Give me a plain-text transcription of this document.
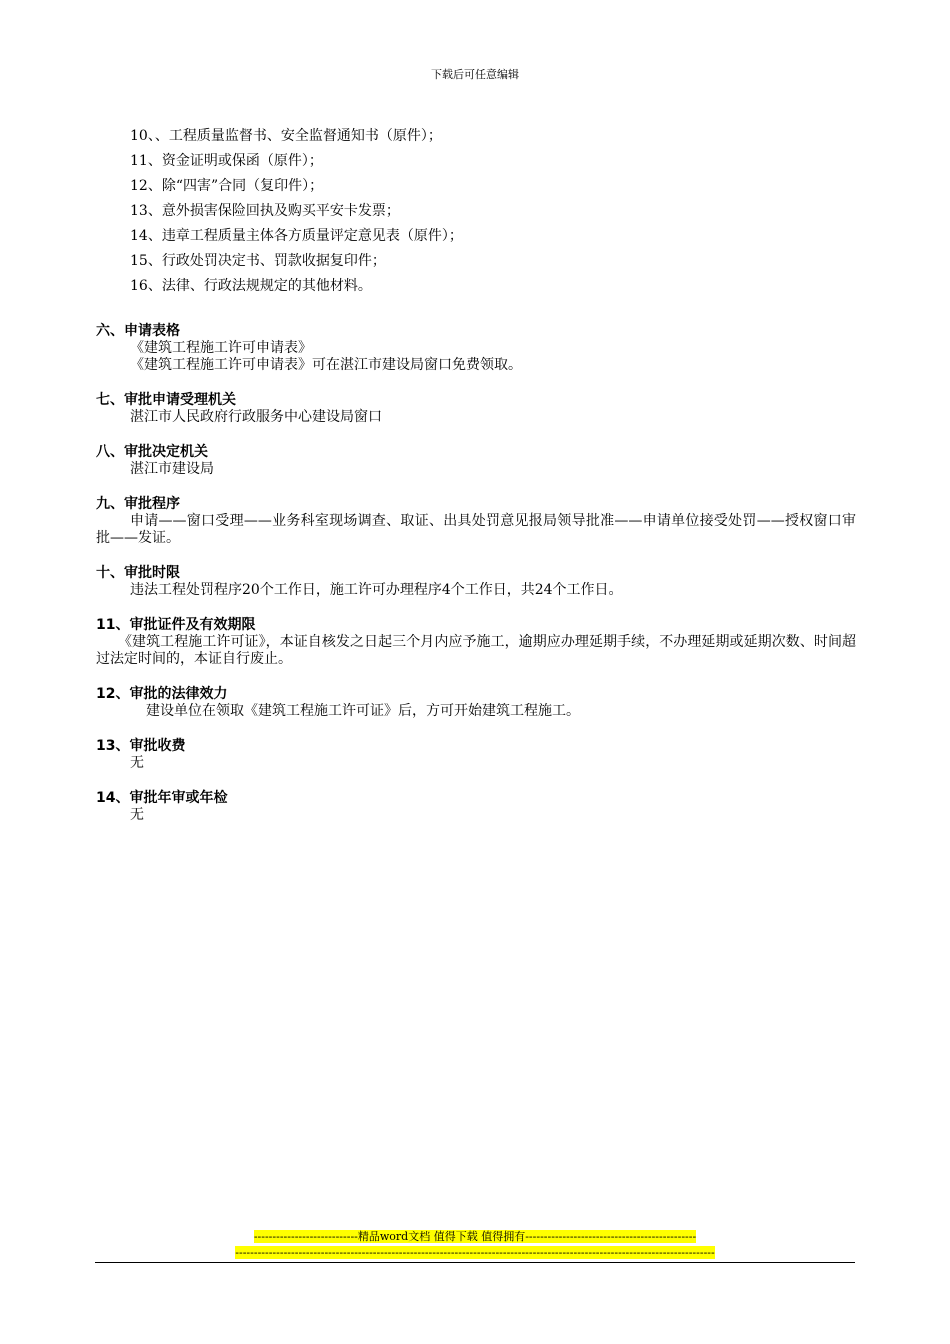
下载后可任意编辑
10、、工程质量监督书、安全监督通知书（原件）；
11、资金证明或保函（原件）；
12、除“四害”合同（复印件）；
13、意外损害保险回执及购买平安卡发票；
14、违章工程质量主体各方质量评定意见表（原件）；
15、行政处罚决定书、罚款收据复印件；
16、法律、行政法规规定的其他材料。
六、申请表格
《建筑工程施工许可申请表》
《建筑工程施工许可申请表》可在湛江市建设局窗口免费领取。
七、审批申请受理机关
湛江市人民政府行政服务中心建设局窗口
八、审批决定机关
湛江市建设局
九、审批程序
申请——窗口受理——业务科室现场调查、取证、出具处罚意见报局领导批准——申请单位接受处罚——授权窗口审批——发证。
十、审批时限
违法工程处罚程序20个工作日，施工许可办理程序4个工作日，共24个工作日。
11、审批证件及有效期限
《建筑工程施工许可证》，本证自核发之日起三个月内应予施工，逾期应办理延期手续，不办理延期或延期次数、时间超过法定时间的，本证自行废止。
12、审批的法律效力
建设单位在领取《建筑工程施工许可证》后，方可开始建筑工程施工。
13、审批收费
无
14、审批年审或年检
无
----------------------------精品word文档 值得下载 值得拥有----------------------------------------------
---------------------------------------------------------------------------------------------------------------------------------
